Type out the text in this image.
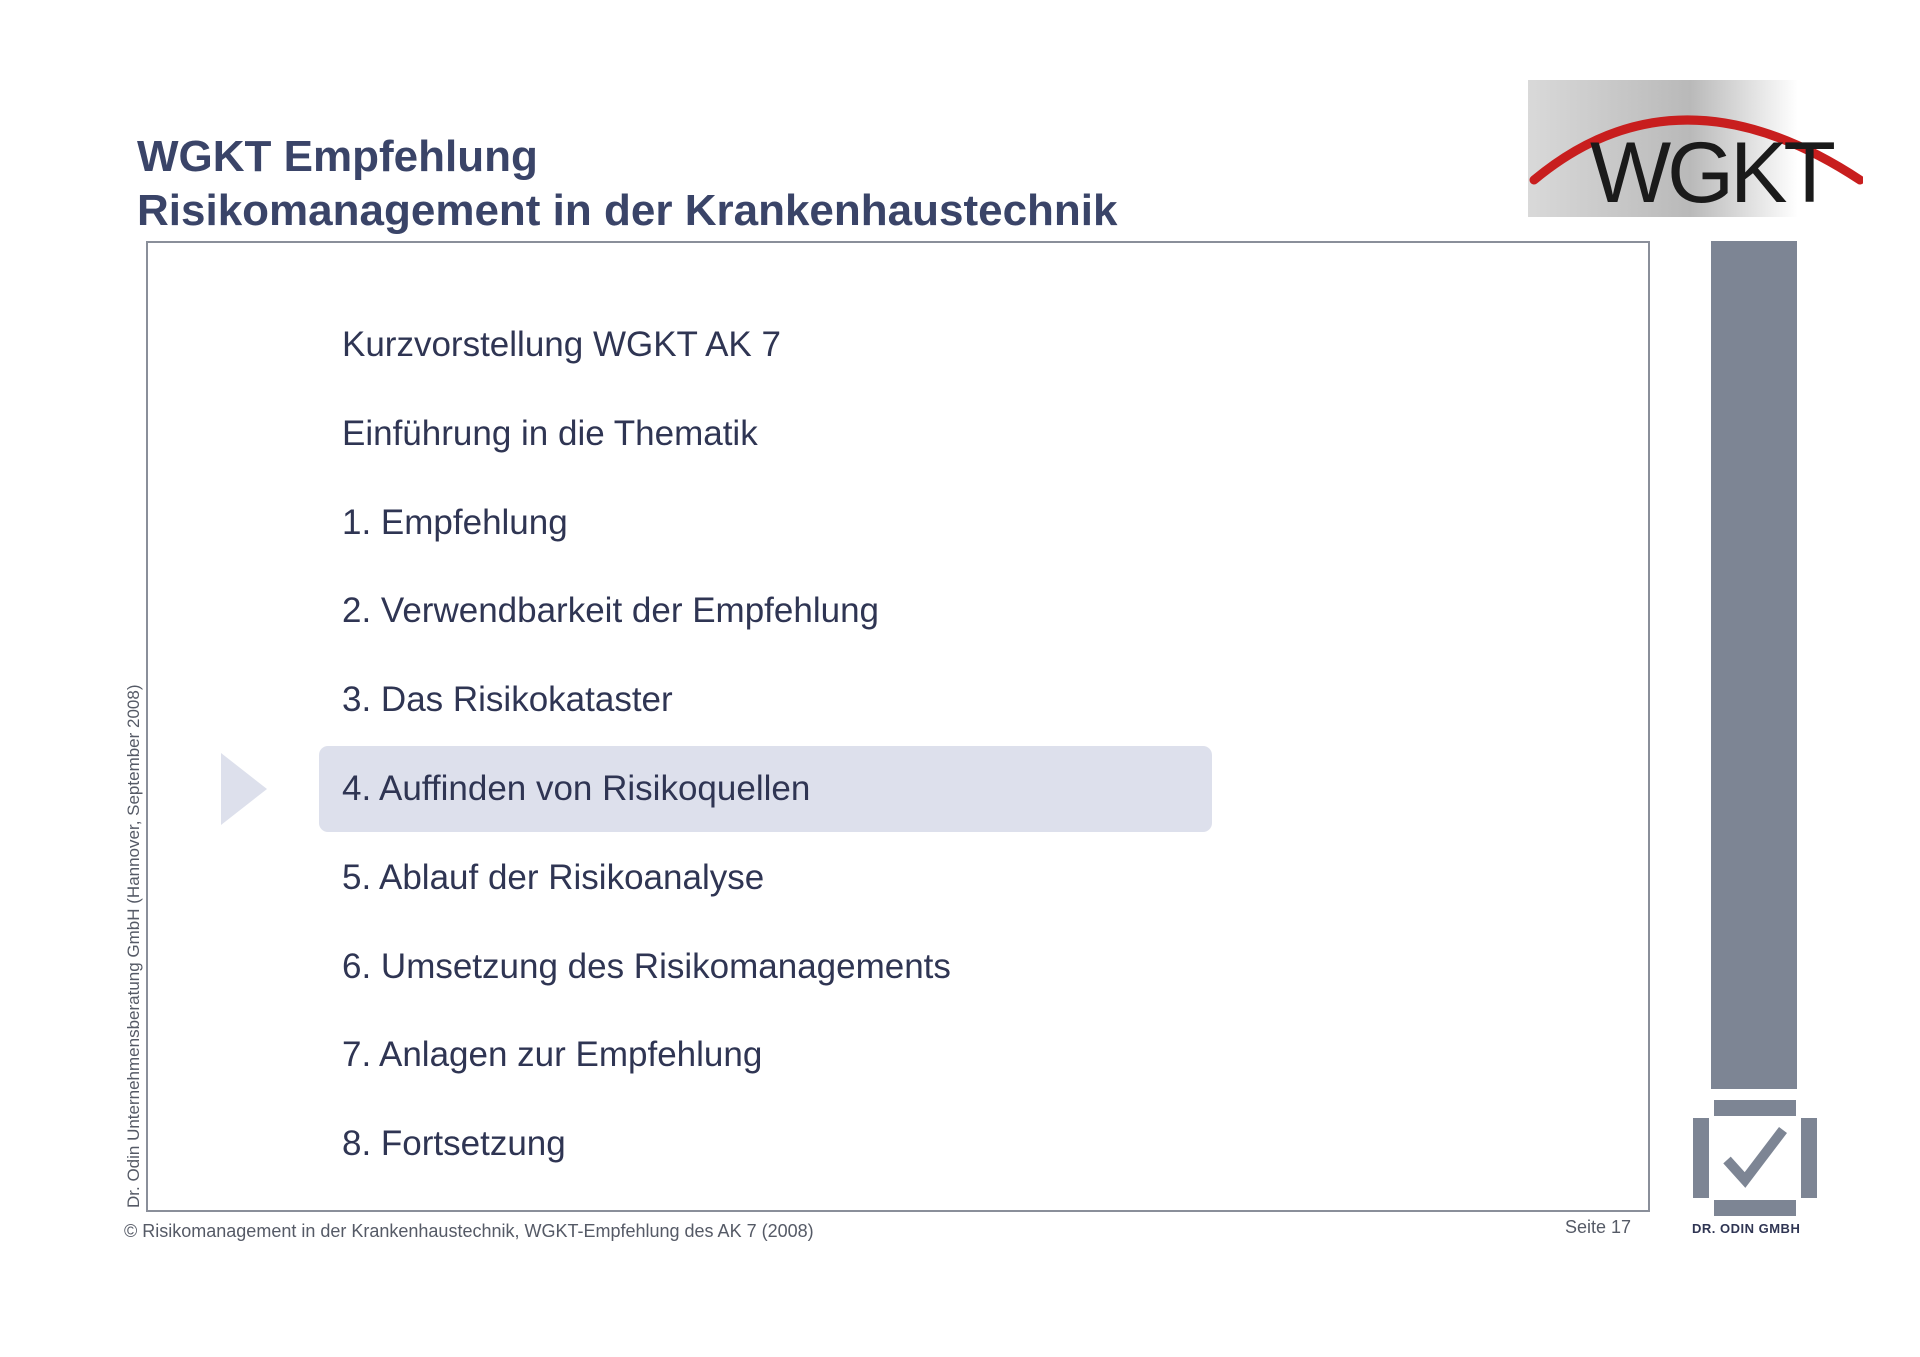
WGKT Empfehlung
Risikomanagement in der Krankenhaustechnik	WGKT
Kurzvorstellung WGKT AK 7
Einführung in die Thematik
1. Empfehlung
2. Verwendbarkeit der Empfehlung
3. Das Risikokataster
4. Auffinden von Risikoquellen
5. Ablauf der Risikoanalyse
6. Umsetzung des Risikomanagements
7. Anlagen zur Empfehlung
8. Fortsetzung
DR. ODIN GMBH
© Risikomanagement in der Krankenhaustechnik, WGKT-Empfehlung des AK 7 (2008)	Seite 17
Dr. Odin Unternehmensberatung GmbH (Hannover, September 2008)
